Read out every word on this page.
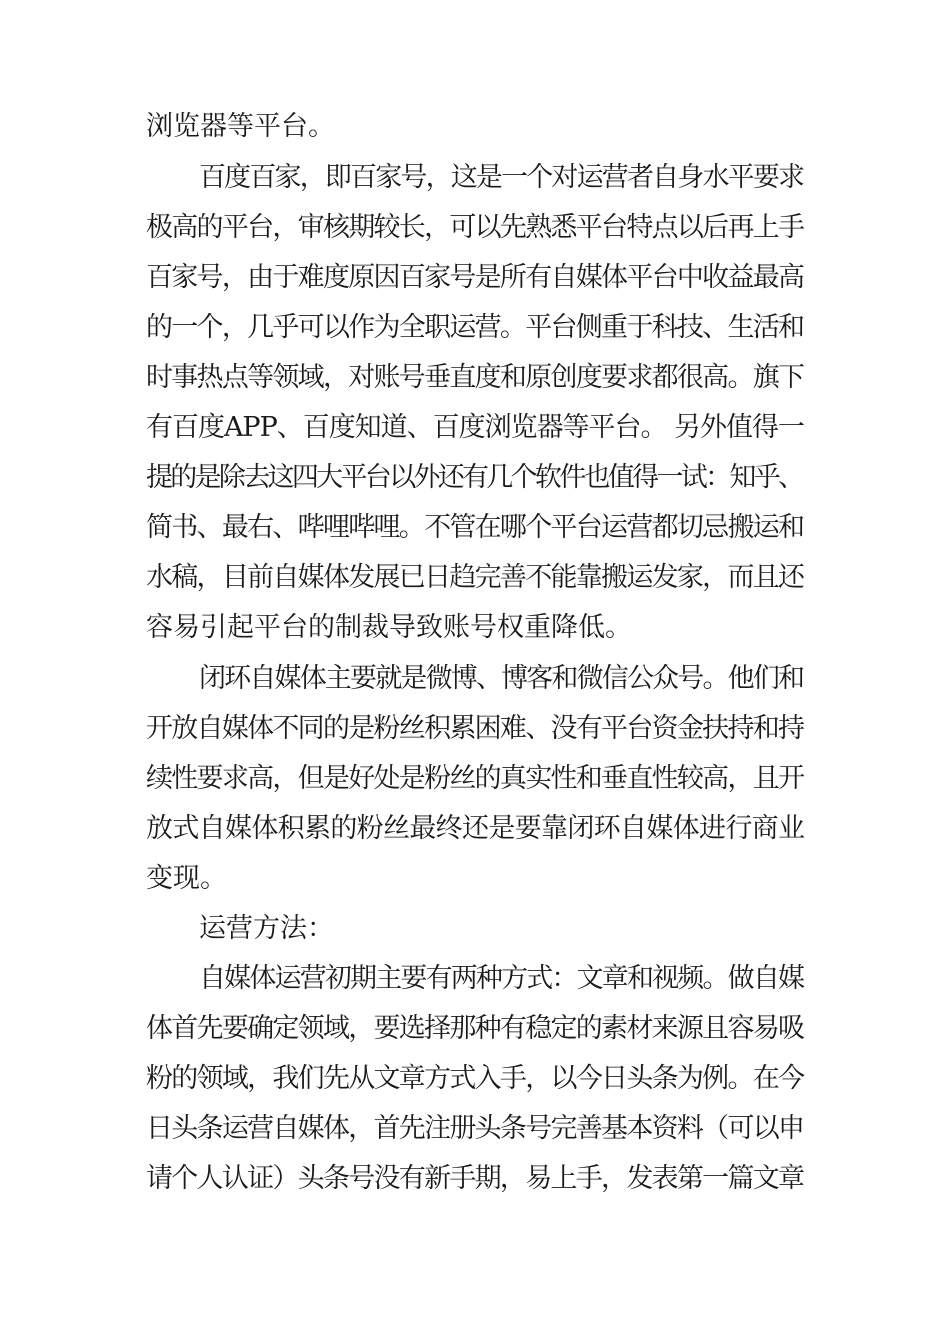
浏览器等平台。
百度百家，即百家号，这是一个对运营者自身水平要求
极高的平台，审核期较长，可以先熟悉平台特点以后再上手
百家号，由于难度原因百家号是所有自媒体平台中收益最高
的一个，几乎可以作为全职运营。平台侧重于科技、生活和
时事热点等领域，对账号垂直度和原创度要求都很高。旗下
有百度APP、百度知道、百度浏览器等平台。 另外值得一
提的是除去这四大平台以外还有几个软件也值得一试：知乎、
简书、最右、哔哩哔哩。不管在哪个平台运营都切忌搬运和
水稿，目前自媒体发展已日趋完善不能靠搬运发家，而且还
容易引起平台的制裁导致账号权重降低。
闭环自媒体主要就是微博、博客和微信公众号。他们和
开放自媒体不同的是粉丝积累困难、没有平台资金扶持和持
续性要求高，但是好处是粉丝的真实性和垂直性较高，且开
放式自媒体积累的粉丝最终还是要靠闭环自媒体进行商业
变现。
运营方法：
自媒体运营初期主要有两种方式：文章和视频。做自媒
体首先要确定领域，要选择那种有稳定的素材来源且容易吸
粉的领域，我们先从文章方式入手，以今日头条为例。在今
日头条运营自媒体，首先注册头条号完善基本资料（可以申
请个人认证）头条号没有新手期，易上手，发表第一篇文章
